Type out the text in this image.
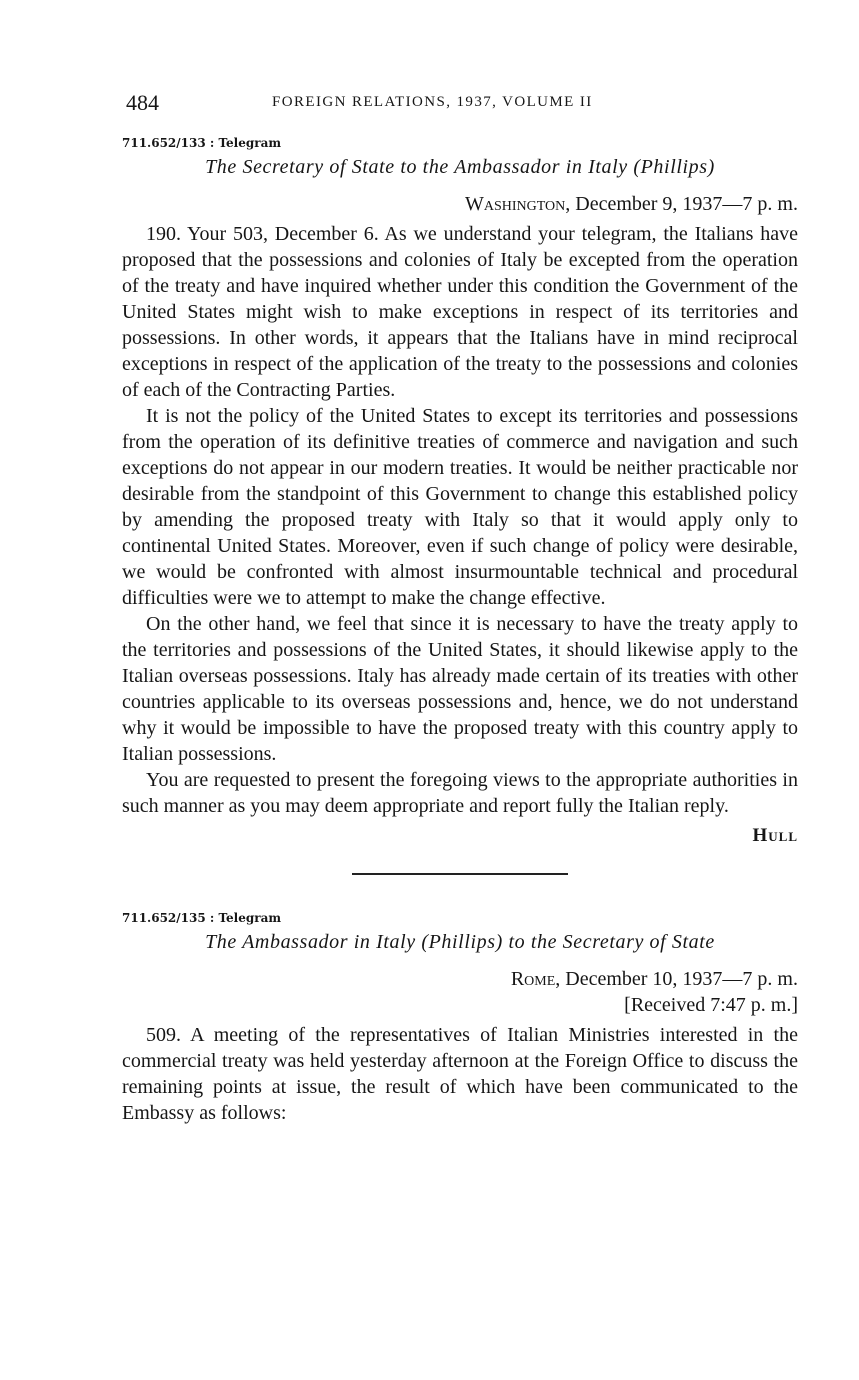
484	FOREIGN RELATIONS, 1937, VOLUME II
711.652/133 : Telegram
The Secretary of State to the Ambassador in Italy (Phillips)
Washington, December 9, 1937—7 p. m.

190. Your 503, December 6. As we understand your telegram, the Italians have proposed that the possessions and colonies of Italy be excepted from the operation of the treaty and have inquired whether under this condition the Government of the United States might wish to make exceptions in respect of its territories and possessions. In other words, it appears that the Italians have in mind reciprocal exceptions in respect of the application of the treaty to the possessions and colonies of each of the Contracting Parties.

It is not the policy of the United States to except its territories and possessions from the operation of its definitive treaties of commerce and navigation and such exceptions do not appear in our modern treaties. It would be neither practicable nor desirable from the standpoint of this Government to change this established policy by amending the proposed treaty with Italy so that it would apply only to continental United States. Moreover, even if such change of policy were desirable, we would be confronted with almost insurmountable technical and procedural difficulties were we to attempt to make the change effective.

On the other hand, we feel that since it is necessary to have the treaty apply to the territories and possessions of the United States, it should likewise apply to the Italian overseas possessions. Italy has already made certain of its treaties with other countries applicable to its overseas possessions and, hence, we do not understand why it would be impossible to have the proposed treaty with this country apply to Italian possessions.

You are requested to present the foregoing views to the appropriate authorities in such manner as you may deem appropriate and report fully the Italian reply.

Hull
711.652/135 : Telegram
The Ambassador in Italy (Phillips) to the Secretary of State
Rome, December 10, 1937—7 p. m.
[Received 7:47 p. m.]

509. A meeting of the representatives of Italian Ministries interested in the commercial treaty was held yesterday afternoon at the Foreign Office to discuss the remaining points at issue, the result of which have been communicated to the Embassy as follows:
